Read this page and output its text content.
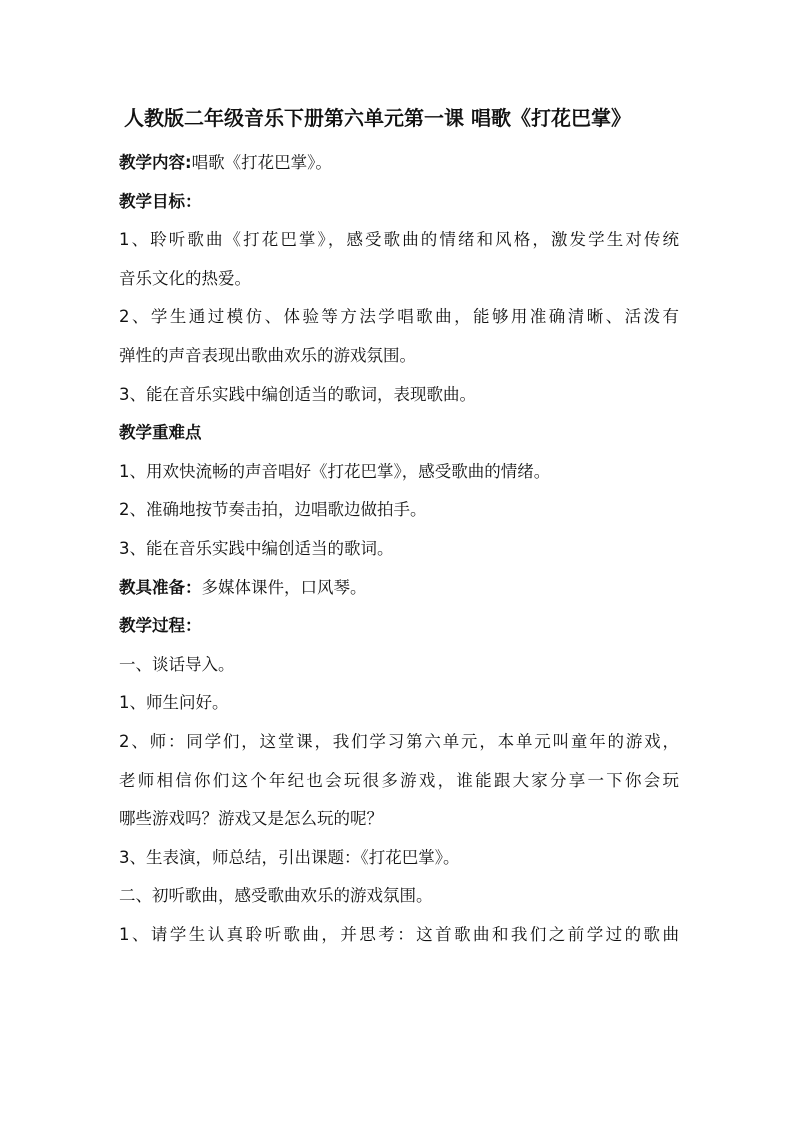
人教版二年级音乐下册第六单元第一课 唱歌《打花巴掌》
教学内容:唱歌《打花巴掌》。
教学目标：
1、聆听歌曲《打花巴掌》，感受歌曲的情绪和风格，激发学生对传统
音乐文化的热爱。
2、学生通过模仿、体验等方法学唱歌曲，能够用准确清晰、活泼有
弹性的声音表现出歌曲欢乐的游戏氛围。
3、能在音乐实践中编创适当的歌词，表现歌曲。
教学重难点
1、用欢快流畅的声音唱好《打花巴掌》，感受歌曲的情绪。
2、准确地按节奏击拍，边唱歌边做拍手。
3、能在音乐实践中编创适当的歌词。
教具准备：多媒体课件，口风琴。
教学过程：
一、谈话导入。
1、师生问好。
2、师：同学们，这堂课，我们学习第六单元，本单元叫童年的游戏，
老师相信你们这个年纪也会玩很多游戏，谁能跟大家分享一下你会玩
哪些游戏吗？游戏又是怎么玩的呢？
3、生表演，师总结，引出课题：《打花巴掌》。
二、初听歌曲，感受歌曲欢乐的游戏氛围。
1、请学生认真聆听歌曲，并思考：这首歌曲和我们之前学过的歌曲
